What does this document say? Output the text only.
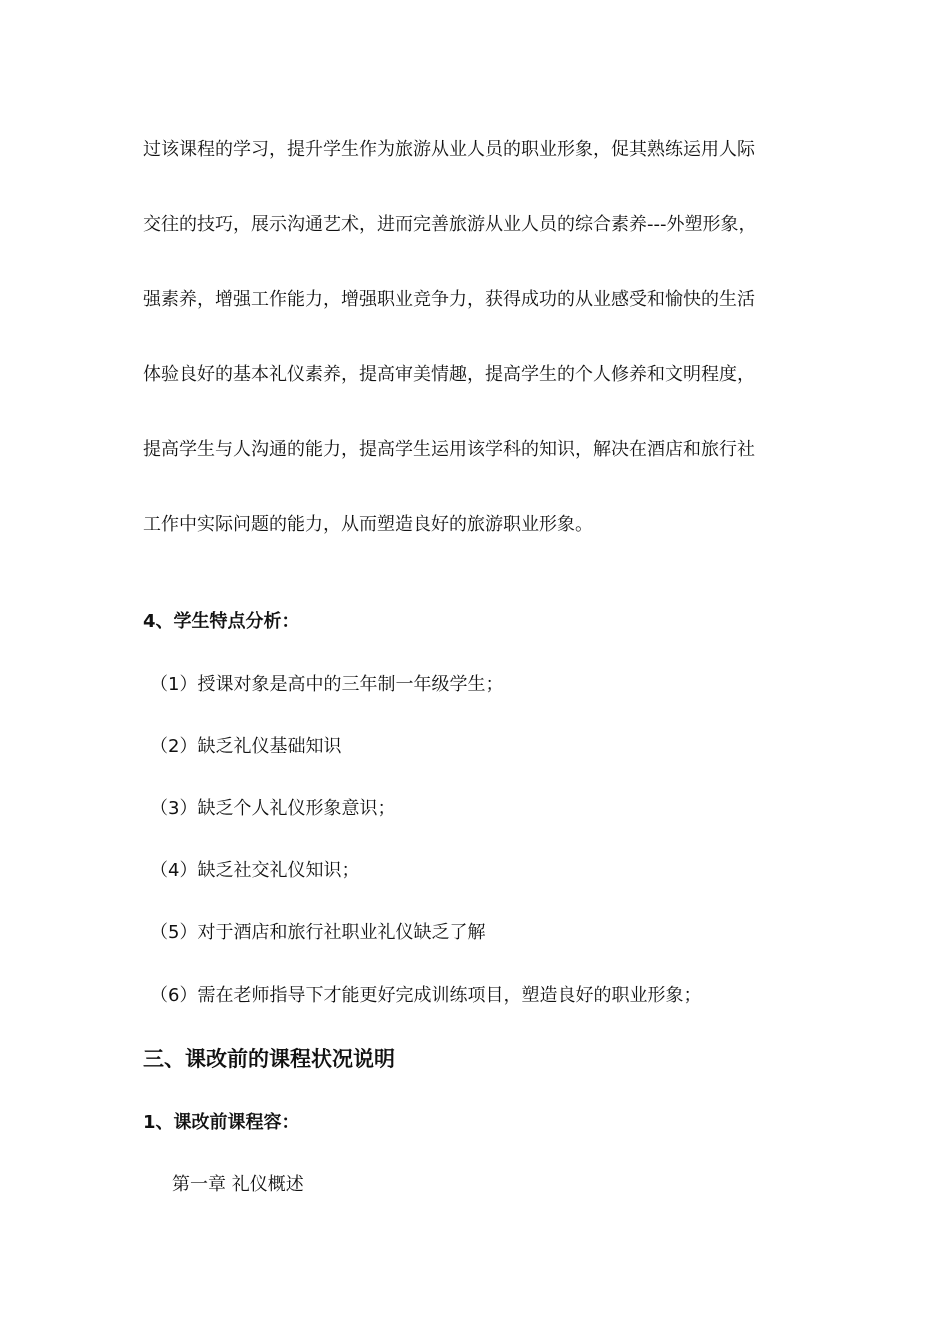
过该课程的学习，提升学生作为旅游从业人员的职业形象，促其熟练运用人际
交往的技巧，展示沟通艺术，进而完善旅游从业人员的综合素养---外塑形象，
强素养，增强工作能力，增强职业竞争力，获得成功的从业感受和愉快的生活
体验良好的基本礼仪素养，提高审美情趣，提高学生的个人修养和文明程度，
提高学生与人沟通的能力，提高学生运用该学科的知识，解决在酒店和旅行社
工作中实际问题的能力，从而塑造良好的旅游职业形象。
4、学生特点分析：
（1）授课对象是高中的三年制一年级学生；
（2）缺乏礼仪基础知识
（3）缺乏个人礼仪形象意识；
（4）缺乏社交礼仪知识；
（5）对于酒店和旅行社职业礼仪缺乏了解
（6）需在老师指导下才能更好完成训练项目，塑造良好的职业形象；
三、课改前的课程状况说明
1、课改前课程容：
第一章 礼仪概述
